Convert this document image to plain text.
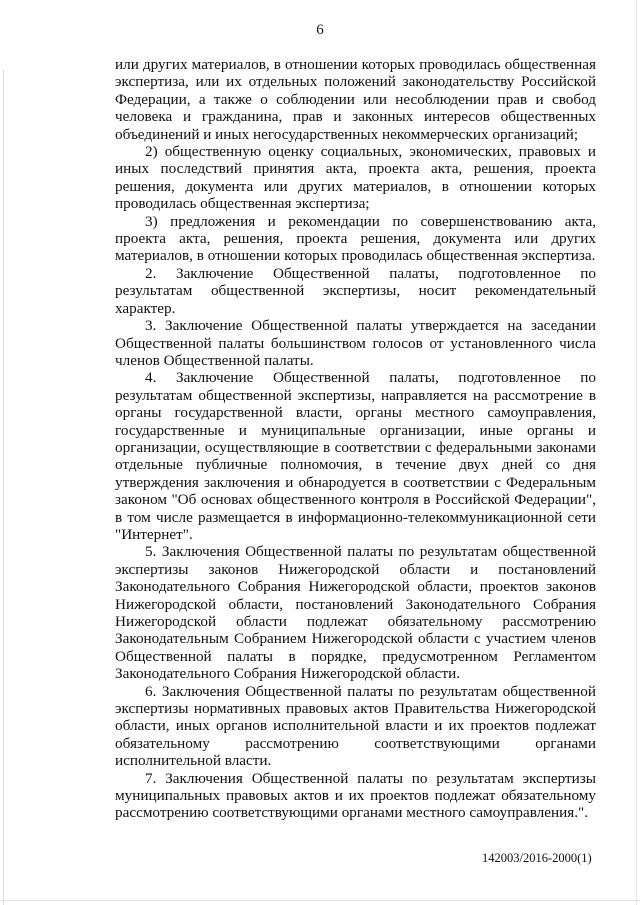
6

или других материалов, в отношении которых проводилась общественная экспертиза, или их отдельных положений законодательству Российской Федерации, а также о соблюдении или несоблюдении прав и свобод человека и гражданина, прав и законных интересов общественных объединений и иных негосударственных некоммерческих организаций;

2) общественную оценку социальных, экономических, правовых и иных последствий принятия акта, проекта акта, решения, проекта решения, документа или других материалов, в отношении которых проводилась общественная экспертиза;

3) предложения и рекомендации по совершенствованию акта, проекта акта, решения, проекта решения, документа или других материалов, в отношении которых проводилась общественная экспертиза.

2. Заключение Общественной палаты, подготовленное по результатам общественной экспертизы, носит рекомендательный характер.

3. Заключение Общественной палаты утверждается на заседании Общественной палаты большинством голосов от установленного числа членов Общественной палаты.

4. Заключение Общественной палаты, подготовленное по результатам общественной экспертизы, направляется на рассмотрение в органы государственной власти, органы местного самоуправления, государственные и муниципальные организации, иные органы и организации, осуществляющие в соответствии с федеральными законами отдельные публичные полномочия, в течение двух дней со дня утверждения заключения и обнародуется в соответствии с Федеральным законом "Об основах общественного контроля в Российской Федерации", в том числе размещается в информационно-телекоммуникационной сети "Интернет".

5. Заключения Общественной палаты по результатам общественной экспертизы законов Нижегородской области и постановлений Законодательного Собрания Нижегородской области, проектов законов Нижегородской области, постановлений Законодательного Собрания Нижегородской области подлежат обязательному рассмотрению Законодательным Собранием Нижегородской области с участием членов Общественной палаты в порядке, предусмотренном Регламентом Законодательного Собрания Нижегородской области.

6. Заключения Общественной палаты по результатам общественной экспертизы нормативных правовых актов Правительства Нижегородской области, иных органов исполнительной власти и их проектов подлежат обязательному рассмотрению соответствующими органами исполнительной власти.

7. Заключения Общественной палаты по результатам экспертизы муниципальных правовых актов и их проектов подлежат обязательному рассмотрению соответствующими органами местного самоуправления.".

142003/2016-2000(1)
